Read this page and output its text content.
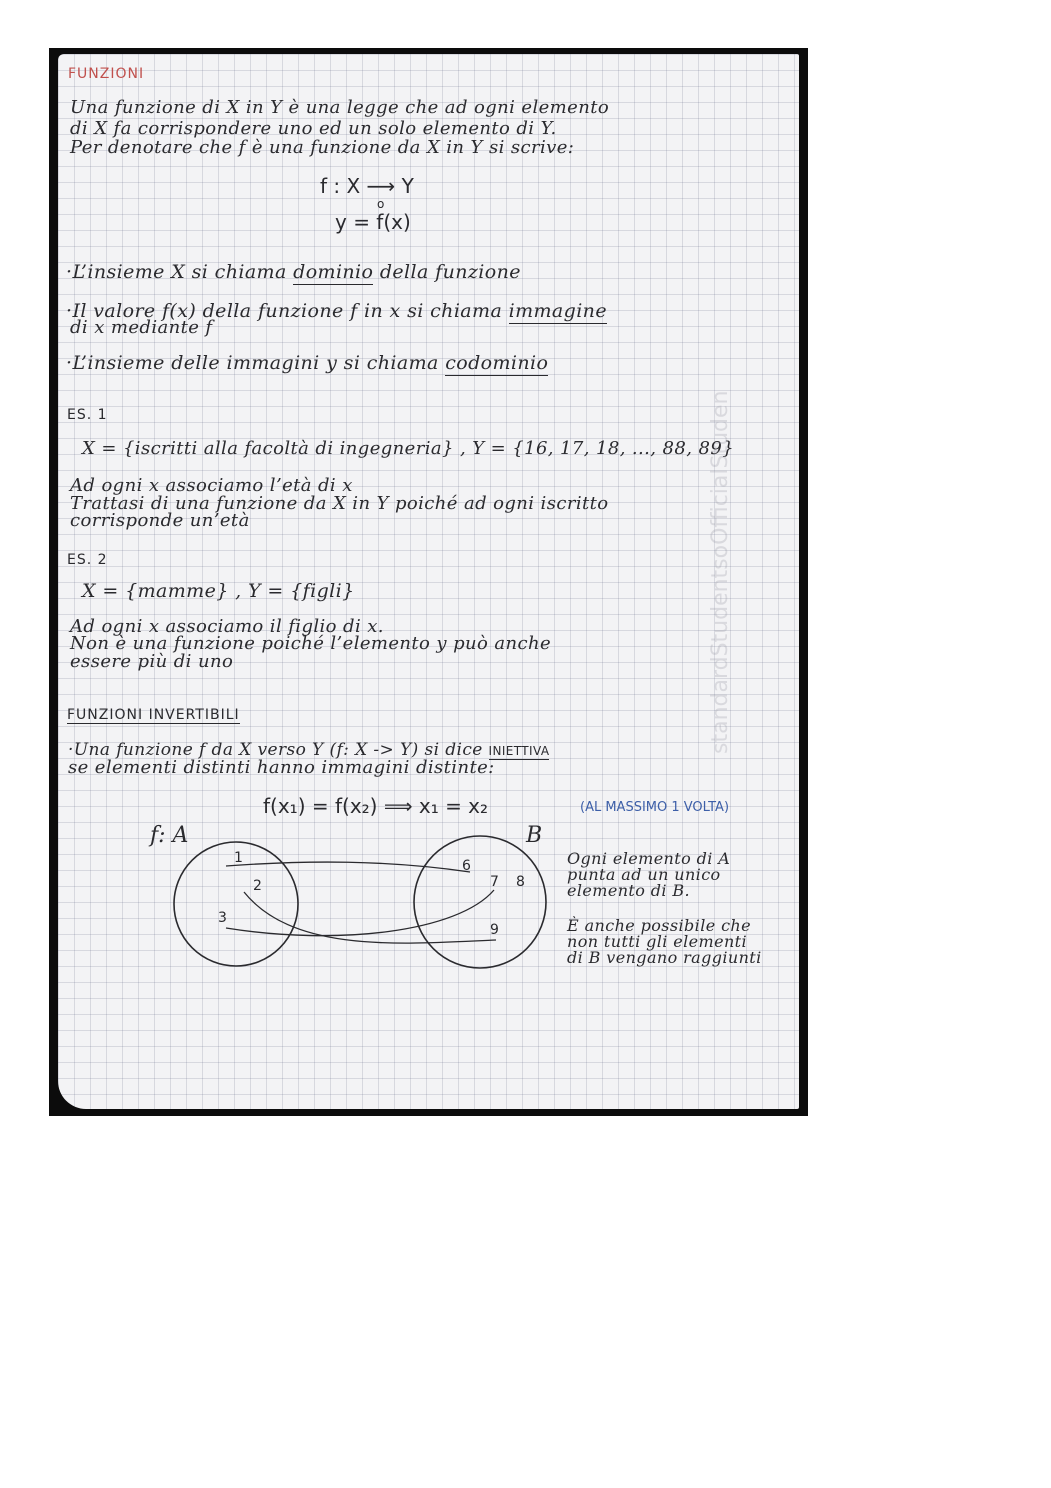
FUNZIONI
Una funzione di X in Y è una legge che ad ogni elemento
di X fa corrispondere uno ed un solo elemento di Y.
Per denotare che f è una funzione da X in Y si scrive:
f : X ⟶ Y
o
y = f(x)
·L’insieme X si chiama dominio della funzione
·Il valore f(x) della funzione f in x si chiama immagine
di x mediante f
·L’insieme delle immagini y si chiama codominio
ES. 1
X = {iscritti alla facoltà di ingegneria} , Y = {16, 17, 18, ..., 88, 89}
Ad ogni x associamo l’età di x
Trattasi di una funzione da X in Y poiché ad ogni iscritto
corrisponde un’età
ES. 2
X = {mamme} , Y = {figli}
Ad ogni x associamo il figlio di x.
Non è una funzione poiché l’elemento y può anche
essere più di uno
FUNZIONI INVERTIBILI
·Una funzione f da X verso Y (f: X -> Y) si dice INIETTIVA
se elementi distinti hanno immagini distinte:
f(x₁) = f(x₂) ⟹ x₁ = x₂	(AL MASSIMO 1 VOLTA)
f: A	B
1
2
3
6
7 8
9
Ogni elemento di A
punta ad un unico
elemento di B.
È anche possibile che
non tutti gli elementi
di B vengano raggiunti
standardStudentsoOfficialStuden
